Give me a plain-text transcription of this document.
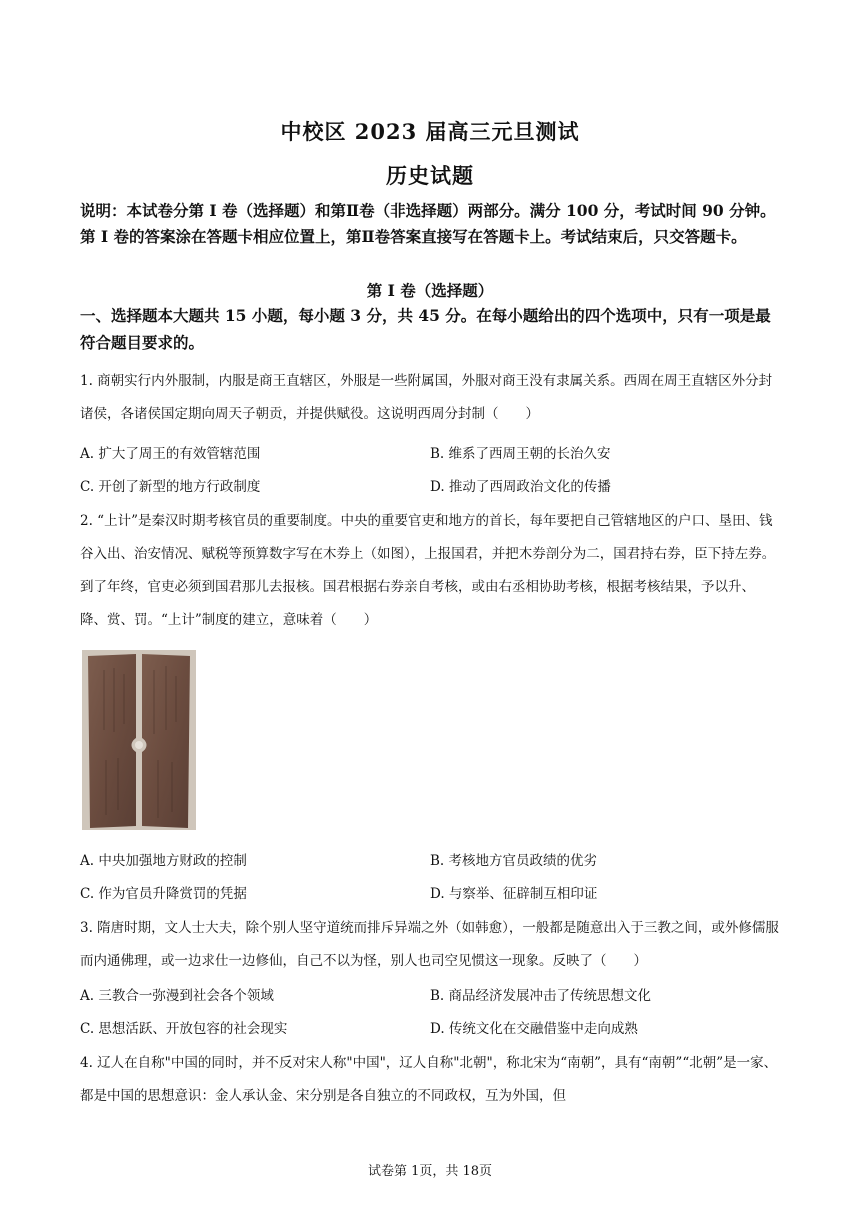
中校区 2023 届高三元旦测试
历史试题
说明：本试卷分第 I 卷（选择题）和第Ⅱ卷（非选择题）两部分。满分 100 分，考试时间 90 分钟。第 I 卷的答案涂在答题卡相应位置上，第Ⅱ卷答案直接写在答题卡上。考试结束后，只交答题卡。
第 I 卷（选择题）
一、选择题本大题共 15 小题，每小题 3 分，共 45 分。在每小题给出的四个选项中，只有一项是最符合题目要求的。
1. 商朝实行内外服制，内服是商王直辖区，外服是一些附属国，外服对商王没有隶属关系。西周在周王直辖区外分封诸侯，各诸侯国定期向周天子朝贡，并提供赋役。这说明西周分封制（　　）
A. 扩大了周王的有效管辖范围	B. 维系了西周王朝的长治久安
C. 开创了新型的地方行政制度	D. 推动了西周政治文化的传播
2. “上计”是秦汉时期考核官员的重要制度。中央的重要官吏和地方的首长，每年要把自己管辖地区的户口、垦田、钱谷入出、治安情况、赋税等预算数字写在木券上（如图），上报国君，并把木券剖分为二，国君持右券，臣下持左券。到了年终，官吏必须到国君那儿去报核。国君根据右券亲自考核，或由右丞相协助考核，根据考核结果，予以升、降、赏、罚。“上计”制度的建立，意味着（　　）
A. 中央加强地方财政的控制	B. 考核地方官员政绩的优劣
C. 作为官员升降赏罚的凭据	D. 与察举、征辟制互相印证
3. 隋唐时期，文人士大夫，除个别人坚守道统而排斥异端之外（如韩愈），一般都是随意出入于三教之间，或外修儒服而内通佛理，或一边求仕一边修仙，自己不以为怪，别人也司空见惯这一现象。反映了（　　）
A. 三教合一弥漫到社会各个领域	B. 商品经济发展冲击了传统思想文化
C. 思想活跃、开放包容的社会现实	D. 传统文化在交融借鉴中走向成熟
4. 辽人在自称"中国的同时，并不反对宋人称"中国"，辽人自称"北朝"，称北宋为“南朝”，具有“南朝”“北朝”是一家、都是中国的思想意识：金人承认金、宋分别是各自独立的不同政权，互为外国，但
试卷第 1页，共 18页
